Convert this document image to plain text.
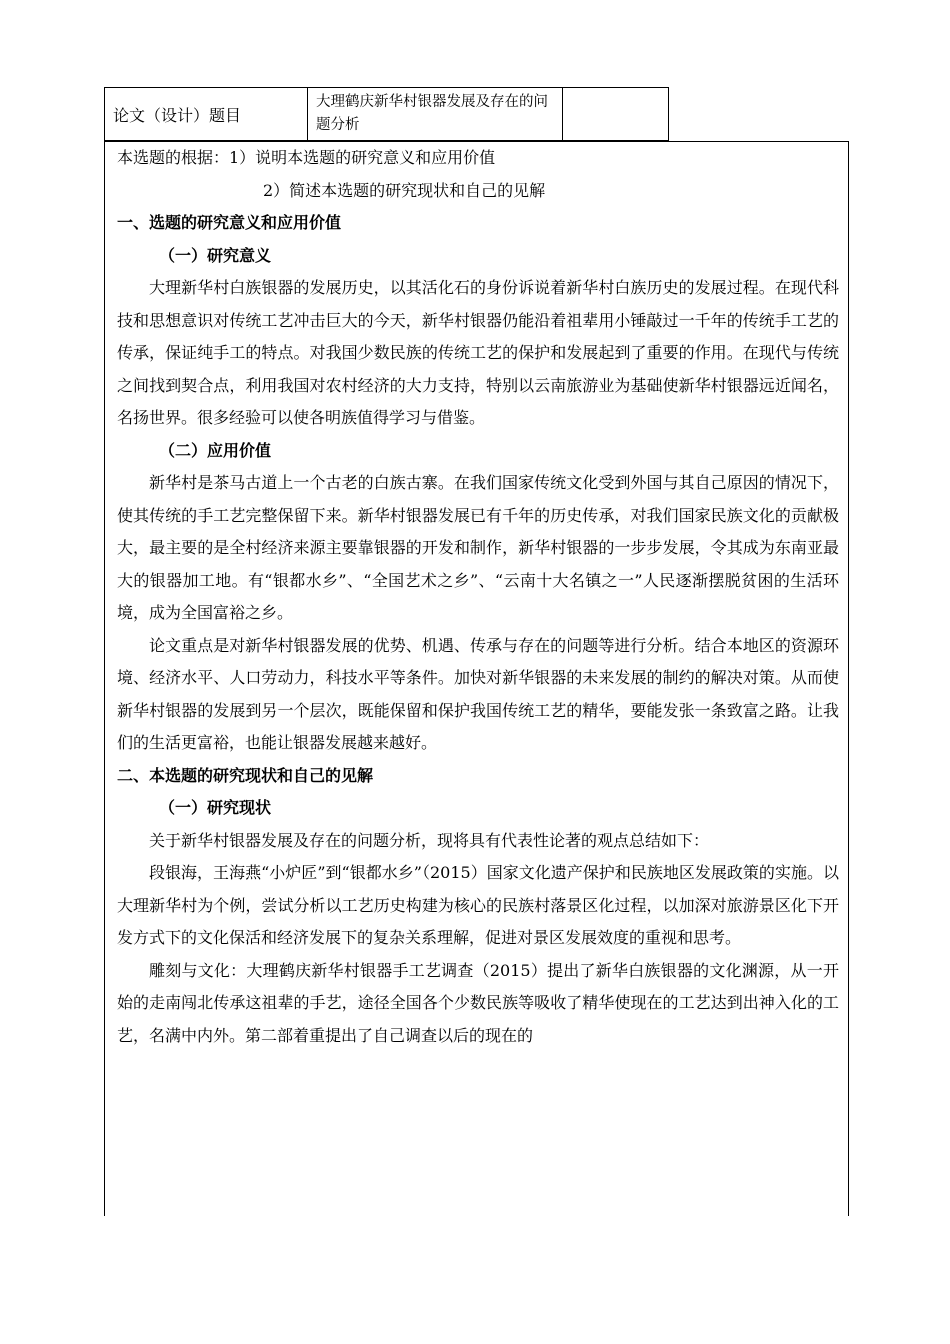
论文（设计）题目	大理鹤庆新华村银器发展及存在的问题分析	
本选题的根据：1）说明本选题的研究意义和应用价值
2）简述本选题的研究现状和自己的见解
一、选题的研究意义和应用价值
（一）研究意义
大理新华村白族银器的发展历史，以其活化石的身份诉说着新华村白族历史的发展过程。在现代科技和思想意识对传统工艺冲击巨大的今天，新华村银器仍能沿着祖辈用小锤敲过一千年的传统手工艺的传承，保证纯手工的特点。对我国少数民族的传统工艺的保护和发展起到了重要的作用。在现代与传统之间找到契合点，利用我国对农村经济的大力支持，特别以云南旅游业为基础使新华村银器远近闻名，名扬世界。很多经验可以使各明族值得学习与借鉴。
（二）应用价值
新华村是茶马古道上一个古老的白族古寨。在我们国家传统文化受到外国与其自己原因的情况下，使其传统的手工艺完整保留下来。新华村银器发展已有千年的历史传承，对我们国家民族文化的贡献极大，最主要的是全村经济来源主要靠银器的开发和制作，新华村银器的一步步发展，令其成为东南亚最大的银器加工地。有“银都水乡”、“全国艺术之乡”、“云南十大名镇之一”人民逐渐摆脱贫困的生活环境，成为全国富裕之乡。
论文重点是对新华村银器发展的优势、机遇、传承与存在的问题等进行分析。结合本地区的资源环境、经济水平、人口劳动力，科技水平等条件。加快对新华银器的未来发展的制约的解决对策。从而使新华村银器的发展到另一个层次，既能保留和保护我国传统工艺的精华，要能发张一条致富之路。让我们的生活更富裕，也能让银器发展越来越好。
二、本选题的研究现状和自己的见解
（一）研究现状
关于新华村银器发展及存在的问题分析，现将具有代表性论著的观点总结如下：
段银海，王海燕“小炉匠”到“银都水乡”（2015）国家文化遗产保护和民族地区发展政策的实施。以大理新华村为个例，尝试分析以工艺历史构建为核心的民族村落景区化过程，以加深对旅游景区化下开发方式下的文化保活和经济发展下的复杂关系理解，促进对景区发展效度的重视和思考。
雕刻与文化：大理鹤庆新华村银器手工艺调查（2015）提出了新华白族银器的文化渊源，从一开始的走南闯北传承这祖辈的手艺，途径全国各个少数民族等吸收了精华使现在的工艺达到出神入化的工艺，名满中内外。第二部着重提出了自己调查以后的现在的
